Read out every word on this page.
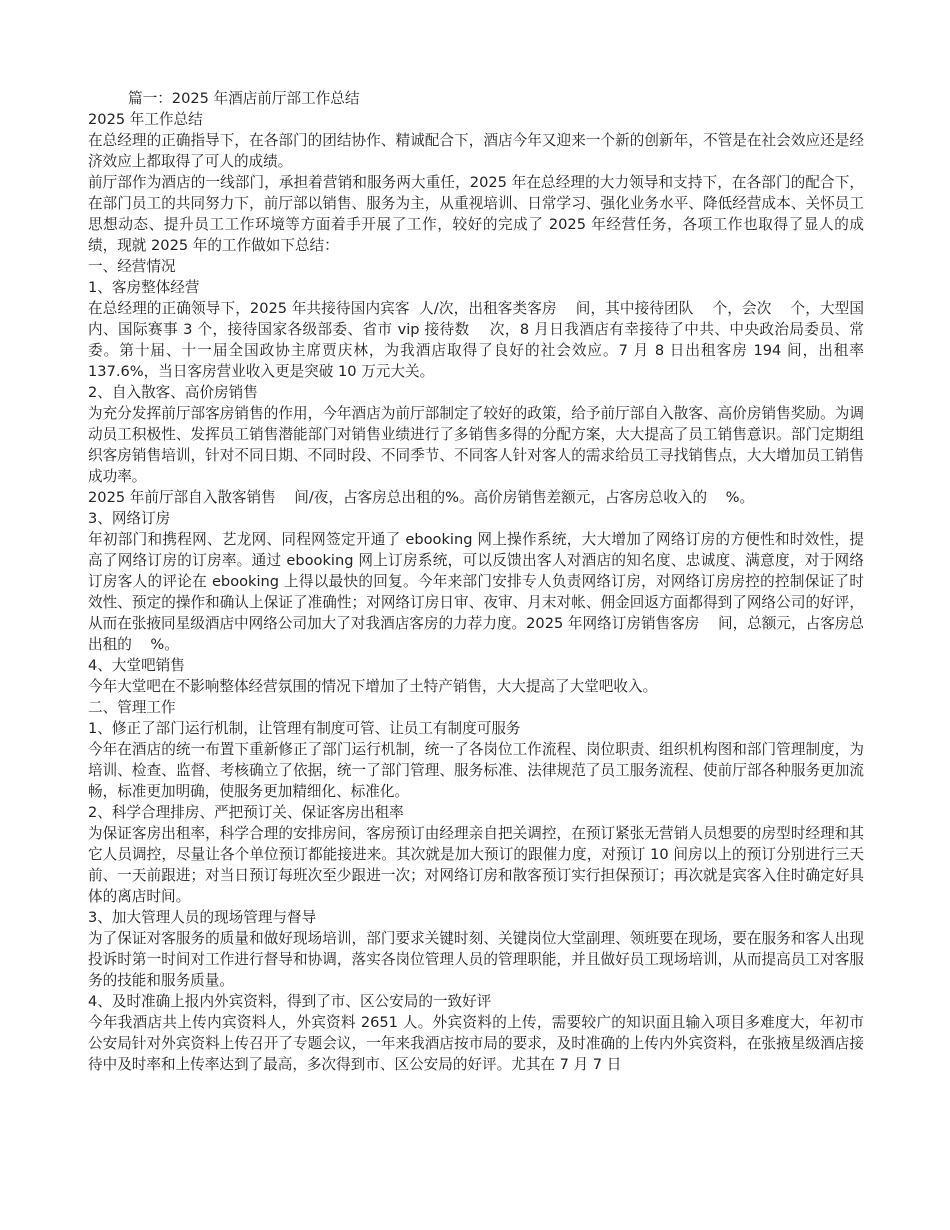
篇一：2025 年酒店前厅部工作总结

2025 年工作总结

在总经理的正确指导下，在各部门的团结协作、精诚配合下，酒店今年又迎来一个新的创新年，不管是在社会效应还是经济效应上都取得了可人的成绩。

前厅部作为酒店的一线部门，承担着营销和服务两大重任，2025 年在总经理的大力领导和支持下，在各部门的配合下，在部门员工的共同努力下，前厅部以销售、服务为主，从重视培训、日常学习、强化业务水平、降低经营成本、关怀员工思想动态、提升员工工作环境等方面着手开展了工作，较好的完成了 2025 年经营任务，各项工作也取得了显人的成绩，现就 2025 年的工作做如下总结：

一、经营情况

1、客房整体经营

在总经理的正确领导下，2025 年共接待国内宾客  人/次，出租客类客房    间，其中接待团队    个，会次    个，大型国内、国际赛事 3 个，接待国家各级部委、省市 vip 接待数    次，8 月日我酒店有幸接待了中共、中央政治局委员、常委。第十届、十一届全国政协主席贾庆林，为我酒店取得了良好的社会效应。7 月 8 日出租客房 194 间，出租率 137.6%，当日客房营业收入更是突破 10 万元大关。

2、自入散客、高价房销售

为充分发挥前厅部客房销售的作用，今年酒店为前厅部制定了较好的政策，给予前厅部自入散客、高价房销售奖励。为调动员工积极性、发挥员工销售潜能部门对销售业绩进行了多销售多得的分配方案，大大提高了员工销售意识。部门定期组织客房销售培训，针对不同日期、不同时段、不同季节、不同客人针对客人的需求给员工寻找销售点，大大增加员工销售成功率。

2025 年前厅部自入散客销售    间/夜，占客房总出租的%。高价房销售差额元，占客房总收入的    %。

3、网络订房

年初部门和携程网、艺龙网、同程网签定开通了 ebooking 网上操作系统，大大增加了网络订房的方便性和时效性，提高了网络订房的订房率。通过 ebooking 网上订房系统，可以反馈出客人对酒店的知名度、忠诚度、满意度，对于网络订房客人的评论在 ebooking 上得以最快的回复。今年来部门安排专人负责网络订房，对网络订房房控的控制保证了时效性、预定的操作和确认上保证了准确性；对网络订房日审、夜审、月末对帐、佣金回返方面都得到了网络公司的好评，从而在张掖同星级酒店中网络公司加大了对我酒店客房的力荐力度。2025 年网络订房销售客房    间，总额元，占客房总出租的    %。

4、大堂吧销售

今年大堂吧在不影响整体经营氛围的情况下增加了土特产销售，大大提高了大堂吧收入。

二、管理工作

1、修正了部门运行机制，让管理有制度可管、让员工有制度可服务

今年在酒店的统一布置下重新修正了部门运行机制，统一了各岗位工作流程、岗位职责、组织机构图和部门管理制度，为培训、检查、监督、考核确立了依据，统一了部门管理、服务标准、法律规范了员工服务流程、使前厅部各种服务更加流畅，标准更加明确，使服务更加精细化、标准化。

2、科学合理排房、严把预订关、保证客房出租率

为保证客房出租率，科学合理的安排房间，客房预订由经理亲自把关调控，在预订紧张无营销人员想要的房型时经理和其它人员调控，尽量让各个单位预订都能接进来。其次就是加大预订的跟催力度，对预订 10 间房以上的预订分别进行三天前、一天前跟进；对当日预订每班次至少跟进一次；对网络订房和散客预订实行担保预订；再次就是宾客入住时确定好具体的离店时间。

3、加大管理人员的现场管理与督导

为了保证对客服务的质量和做好现场培训，部门要求关键时刻、关键岗位大堂副理、领班要在现场，要在服务和客人出现投诉时第一时间对工作进行督导和协调，落实各岗位管理人员的管理职能，并且做好员工现场培训，从而提高员工对客服务的技能和服务质量。

4、及时准确上报内外宾资料，得到了市、区公安局的一致好评

今年我酒店共上传内宾资料人，外宾资料 2651 人。外宾资料的上传，需要较广的知识面且输入项目多难度大，年初市公安局针对外宾资料上传召开了专题会议，一年来我酒店按市局的要求，及时准确的上传内外宾资料，在张掖星级酒店接待中及时率和上传率达到了最高，多次得到市、区公安局的好评。尤其在 7 月 7 日
